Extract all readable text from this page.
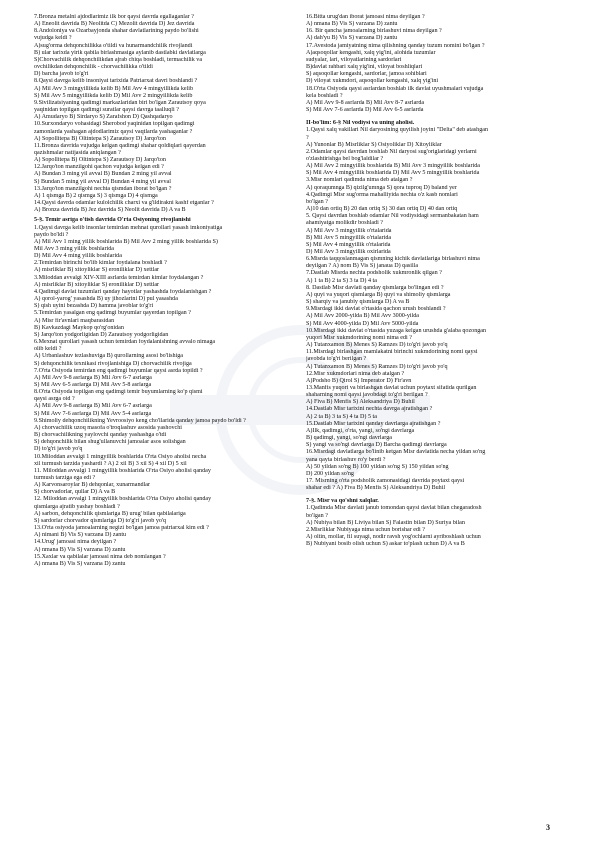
7.Bronza metalni ajdodlarimiz ilk bor qaysi davrda egallaganlar ?
A) Eneolit davrida B) Neolitda C) Mezolit davrida D) Jez davrida
8.Andoloniya va Ozarbayjonda shahar davlatlarining paydo bo'lishi
vujudga keldi ?
A)sug'orma dehqonchilikka o'tildi va hunarmandchilik rivojlandi
B) ular tarixda yirik qabila birlashmasiga aylanib dastlabki davlatlarga
S)Chorvachilik dehqonchilikdan ajrab chiqa boshladi, termachilik va
ovchilikdan dehqonchilik - chorvachilikka o'tildi
D) barcha javob to'g'ri
8.Qaysi davrga kelib insoniyat tarixida Patriarxat davri boshlandi ?
A) Mil Avv 3 mingyillikda kelib B) Mil Avv 4 mingyillikda kelib
S) Mil Avv 5 mingyillikda kelib D) Mil Avv 2 mingyillikda kelib
9.Sivilizatsiyaning qadimgi markazlaridan biri bo'lgan Zarautsoy qoya
yaqinidan topilgan qadimgi suratlar qaysi davrga taalluqli ?
A) Amudaryo B) Sirdaryo S) Zarafshon D) Qashqadaryo
10.Surxondaryo vohasidagi Sherobod yaqinidan topilgan qadimgi
zamonlarda yashagan ajdodlarimiz qaysi vaqtlarda yashaganlar ?
A) Sopollitepa B) Oltintepa S) Zarautsoy D) Jarqo'ton
11.Bronza davrida vujudga kelgan qadimgi shahar qoldiqlari qayerdan
qazishmalar natijasida aniqlangan ?
A) Sopollitepa B) Oltintepa S) Zarautsoy D) Jarqo'ton
12.Jarqo'ton manzilgohi qachon vujudga kelgan edi ?
A) Bundan 3 ming yil avval B) Bundan 2 ming yil avval
S) Bundan 5 ming yil avval D) Bundan 4 ming yil avval
13.Jarqo'ton manzilgohi nechta qismdan iborat bo'lgan ?
A) 1 qismga B) 2 qismga S) 3 qismga D) 4 qismga
14.Qaysi davrda odamlar kulolchilik charxi va g'ildirakni kashf etganlar ?
A) Bronza davrida B) Jez davrida S) Neolit davrida D) A va B
5-§. Temir asriga o'tish davrida O'rta Osiyoning rivojlanishi
1.Qaysi davrga kelib insonlar temirdan mehnat qurollari yasash imkoniyatiga
paydo bo'ldi ?
A) Mil Avv 1 ming yillik boshlarida B) Mil Avv 2 ming yillik boshlarida S)
Mil Avv 3 ming yillik boshlarida
D) Mil Avv 4 ming yillik boshlarida
2.Temirdan birinchi bo'lib kimlar foydalana boshladi ?
A) misrliklar B) xitoyliklar S) eroniliklar D) xettlar
3.Miloddan avvalgi XIV-XIII asrlarda temirdan kimlar foydalangan ?
A) misrliklar B) xitoyliklar S) eroniliklar D) xettlar
4.Qadimgi davlat tuzumlari qanday hayotlar yashashda foydalanishgan ?
A) qorol-yarog' yasashda B) uy jihozlarini D) pul yasashda
S) qish uyini bezashda D) hamma javoblar to'g'ri
5.Temirdan yasalgan eng qadimgi buyumlar qayerdan topilgan ?
A) Misr fir'avnlari maqbarasidan
B) Kavkazdagi Maykop qo'rg'onidan
S) Jarqo'ton yodgorligidan D) Zarautsoy yodgorligidan
6.Mexnat qurollari yasash uchun temirdan foydalanishning avvalo nimaga
olib keldi ?
A) Urbanlashuv tezlashuviga B) qurollarning asosi bo'lishiga
S) dehqonchilik texnikasi rivojlanishiga D) chorvachilik rivojiga
7.O'rta Osiyoda temirdan eng qadimgi buyumlar qaysi asrda topildi ?
A) Mil Avv 9-8 asrlarga B) Mil Avv 6-7 asrlarga
S) Mil Avv 6-5 asrlarga D) Mil Avv 5-8 asrlarga
8.O'rta Osiyoda topilgan eng qadimgi temir buyumlarning ko'p qismi
qaysi asrga oid ?
A) Mil Avv 9-8 asrlarga B) Mil Avv 6-7 asrlarga
S) Mil Avv 7-6 asrlarga D) Mil Avv 5-4 asrlarga
9.Shimoliy dehqonchilikning Yevroosiyo keng cho'llarida qanday jamoa paydo bo'ldi ?
A) chorvachilik uzoq masofa o'troqlashuv asosida yashovchi
B) chorvachilikning yaylovchi qanday yashashga o'tdi
S) dehqonchilik bilan shug'ullanuvchi jamoalar asos solishgan
D) to'g'ri javob yo'q
10.Miloddan avvalgi 1 mingyillik boshlarida O'rta Osiyo aholisi necha
xil turmush tarzida yashardi ? A) 2 xil B) 3 xil S) 4 xil D) 5 xil
11. Miloddan avvalgi 1 mingyillik boshlarida O'rta Osiyo aholisi qanday
turmush tarziga ega edi ?
A) Karvonsaroylar B) dehqonlar, xunarmandlar
S) chorvadorlar, qullar D) A va B
12. Miloddan avvalgi 1 mingyillik boshlarida O'rta Osiyo aholisi qanday
qismlarga ajratib yashay boshladi ?
A) sarbon, dehqonchilik qismlariga B) urug' bilan qabilalariga
S) sardorlar chorvador qismlariga D) to'g'ri javob yo'q
13.O'rta osiyoda jamoalarning negizi bo'lgan jamoa patriarxal kim edi ?
A) nimani B) Vis S) varzana D) zantu
14.Urug' jamoasi nima deyilgan ?
A) nmana B) Vis S) varzana D) zantu
15.Xaxlar va qabilalar jamoasi nima deb nomlangan ?
A) nmana B) Vis S) varzana D) zantu
16.Bitta urug'dan iborat jamoasi nima deyilgan ?
A) nmana B) Vis S) varzana D) zantu
16. Bir qancha jamoalarning birlashuvi nima deyilgan ?
A) dah'yu B) Vis S) varzana D) zantu
17.Avestoda jamiyatning nima qilishning qanday tuzum nomini bo'lgan ?
A)aqsoqollar kengashi, xalq yig'ini, alohida tuzumlar
sudyalar, lari, viloyatlarining sardorlari
B)davlat rahbari xalq yig'ini, viloyat boshliqlari
S) aqsoqollar kengashi, sardorlar, jamoa sohiblari
D) viloyat xukmdori, aqsoqollar kengashi, xalq yig'ini
18.O'rta Osiyoda qaysi asrlardan boshlab ilk davlat uyushmalari vujudga
kela boshladi ?
A) Mil Avv 9-8 asrlarda B) Mil Avv 8-7 asrlarda
S) Mil Avv 7-6 asrlarda D) Mil Avv 6-5 asrlarda
II-bo'lim: 6-§ Nil vodiysi va uning aholisi.
1.Qaysi xalq vakillari Nil daryosining quyilish joyini "Delta" deb atashgan
?
A) Yunonlar B) Misrliklar S) Osiyoliklar D) Xitoyliklar
2.Odamlar qaysi davrdan boshlab Nil daryosi sug'origlaridagi yerlarni
o'zlashtirishga bel bog'laldilar ?
A) Mil Avv 2 mingyillik boshlarida B) Mil Avv 3 mingyillik boshlarida
S) Mil Avv 4 mingyillik boshlarida D) Mil Avv 5 mingyillik boshlarida
3.Misr nomlari qadimda nima deb atalgan ?
A) qoraqumnga B) qizilg'umnga S) qora tuproq D) baland yer
4.Qadimgi Misr sug'orma mahalliyida nechta o'z kasb nomlari
bo'lgan ?
A)10 dan ortiq B) 20 dan ortiq S) 30 dan ortiq D) 40 dan ortiq
5. Qaysi davrdan boshlab odamlar Nil vodiysidagi sermanbakatan ham
ahamiyatga molikdir boshladi ?
A) Mil Avv 3 mingyillik o'rtalarida
B) Mil Avv 5 mingyillik o'rtalarida
S) Mil Avv 4 mingyillik o'rtalarida
D) Mil Avv 3 mingyillik oxirlarida
6.Misrda taqqoslanmagan qismning kichik davlatlariga birlashuvi nima
deyilgan ? A) nom B) Vis S) janaua D) qasilla
7.Dastlab Misrda nechta podsholik xukmronlik qilgan ?
A) 1 ta B) 2 ta S) 3 ta D) 4 ta
8. Dastlab Misr davlati qanday qismlarga bo'lingan edi ?
A) quyi va yuqori qismlarga B) quyi va shimoliy qismlarga
S) sharqiy va janubiy qismlarga D) A va B
9.Misrdagi ikki davlat o'rtasida qachon urush boshlandi ?
A) Mil Avv 2000-yilda B) Mil Avv 3000-yilda
S) Mil Avv 4000-yilda D) Mil Avv 5000-yilda
10.Misrdagi ikki davlat o'rtasida yuzaga kelgan urushda g'alaba qozongan
yuqori Misr xukmdorining nomi nima edi ?
A) Tutanxamon B) Menes S) Ramzes D) to'g'ri javob yo'q
11.Misrdagi birlashgan mamlakatni birinchi xukmdorining nomi qaysi
javobda to'g'ri berilgan ?
A) Tutanxamon B) Menes S) Ramzes D) to'g'ri javob yo'q
12.Misr xukmdorlari nima deb atalgan ?
A)Podsho B) Qirol S) Imperator D) Fir'avn
13.Manfis yuqori va birlashgan davlat uchun poytaxt sifatida qurilgan
shaharning nomi qaysi javobdagi to'g'ri berilgan ?
A) Fiva B) Menfis S) Aleksandriya D) Buhil
14.Dastlab Misr tarixini nechta davrga ajratishgan ?
A) 2 ta B) 3 ta S) 4 ta D) 5 ta
15.Dastlab Misr tarixini qanday davrlarga ajratishgan ?
A)Ilk, qadimgi, o'rta, yangi, so'ngi davrlarga
B) qadimgi, yangi, so'ngi davrlarga
S) yangi va so'ngi davrlarga D) Barcha qadimgi davrlarga
16.Misrdagi davlatlarga bo'linib ketgan Misr davlatida necha yildan so'ng
yana qayta birlashuv ro'y berdi ?
A) 50 yildan so'ng B) 100 yildan so'ng S) 150 yildan so'ng
D) 200 yildan so'ng
17. Misrning o'rta podsholik zamonasidagi davrida poytaxt qaysi
shahar edi ? A) Fiva B) Menfis S) Aleksandriya D) Buhil
7-§. Misr va qo'shni xalqlar.
1.Qadimda Misr davlati janub tomondan qaysi davlat bilan chegaradosh
bo'lgan ?
A) Nubiya bilan B) Liviya bilan S) Falastin bilan D) Suriya bilan
2.Misrliklar Nubiyaga nima uchun borishar edi ?
A) oltin, mollar, fil suyagi, nodir ravsh yog'ochlarni ayriboshlash uchun
B) Nubiyani bosib olish uchun S) askar to'plash uchun D) A va B
3
